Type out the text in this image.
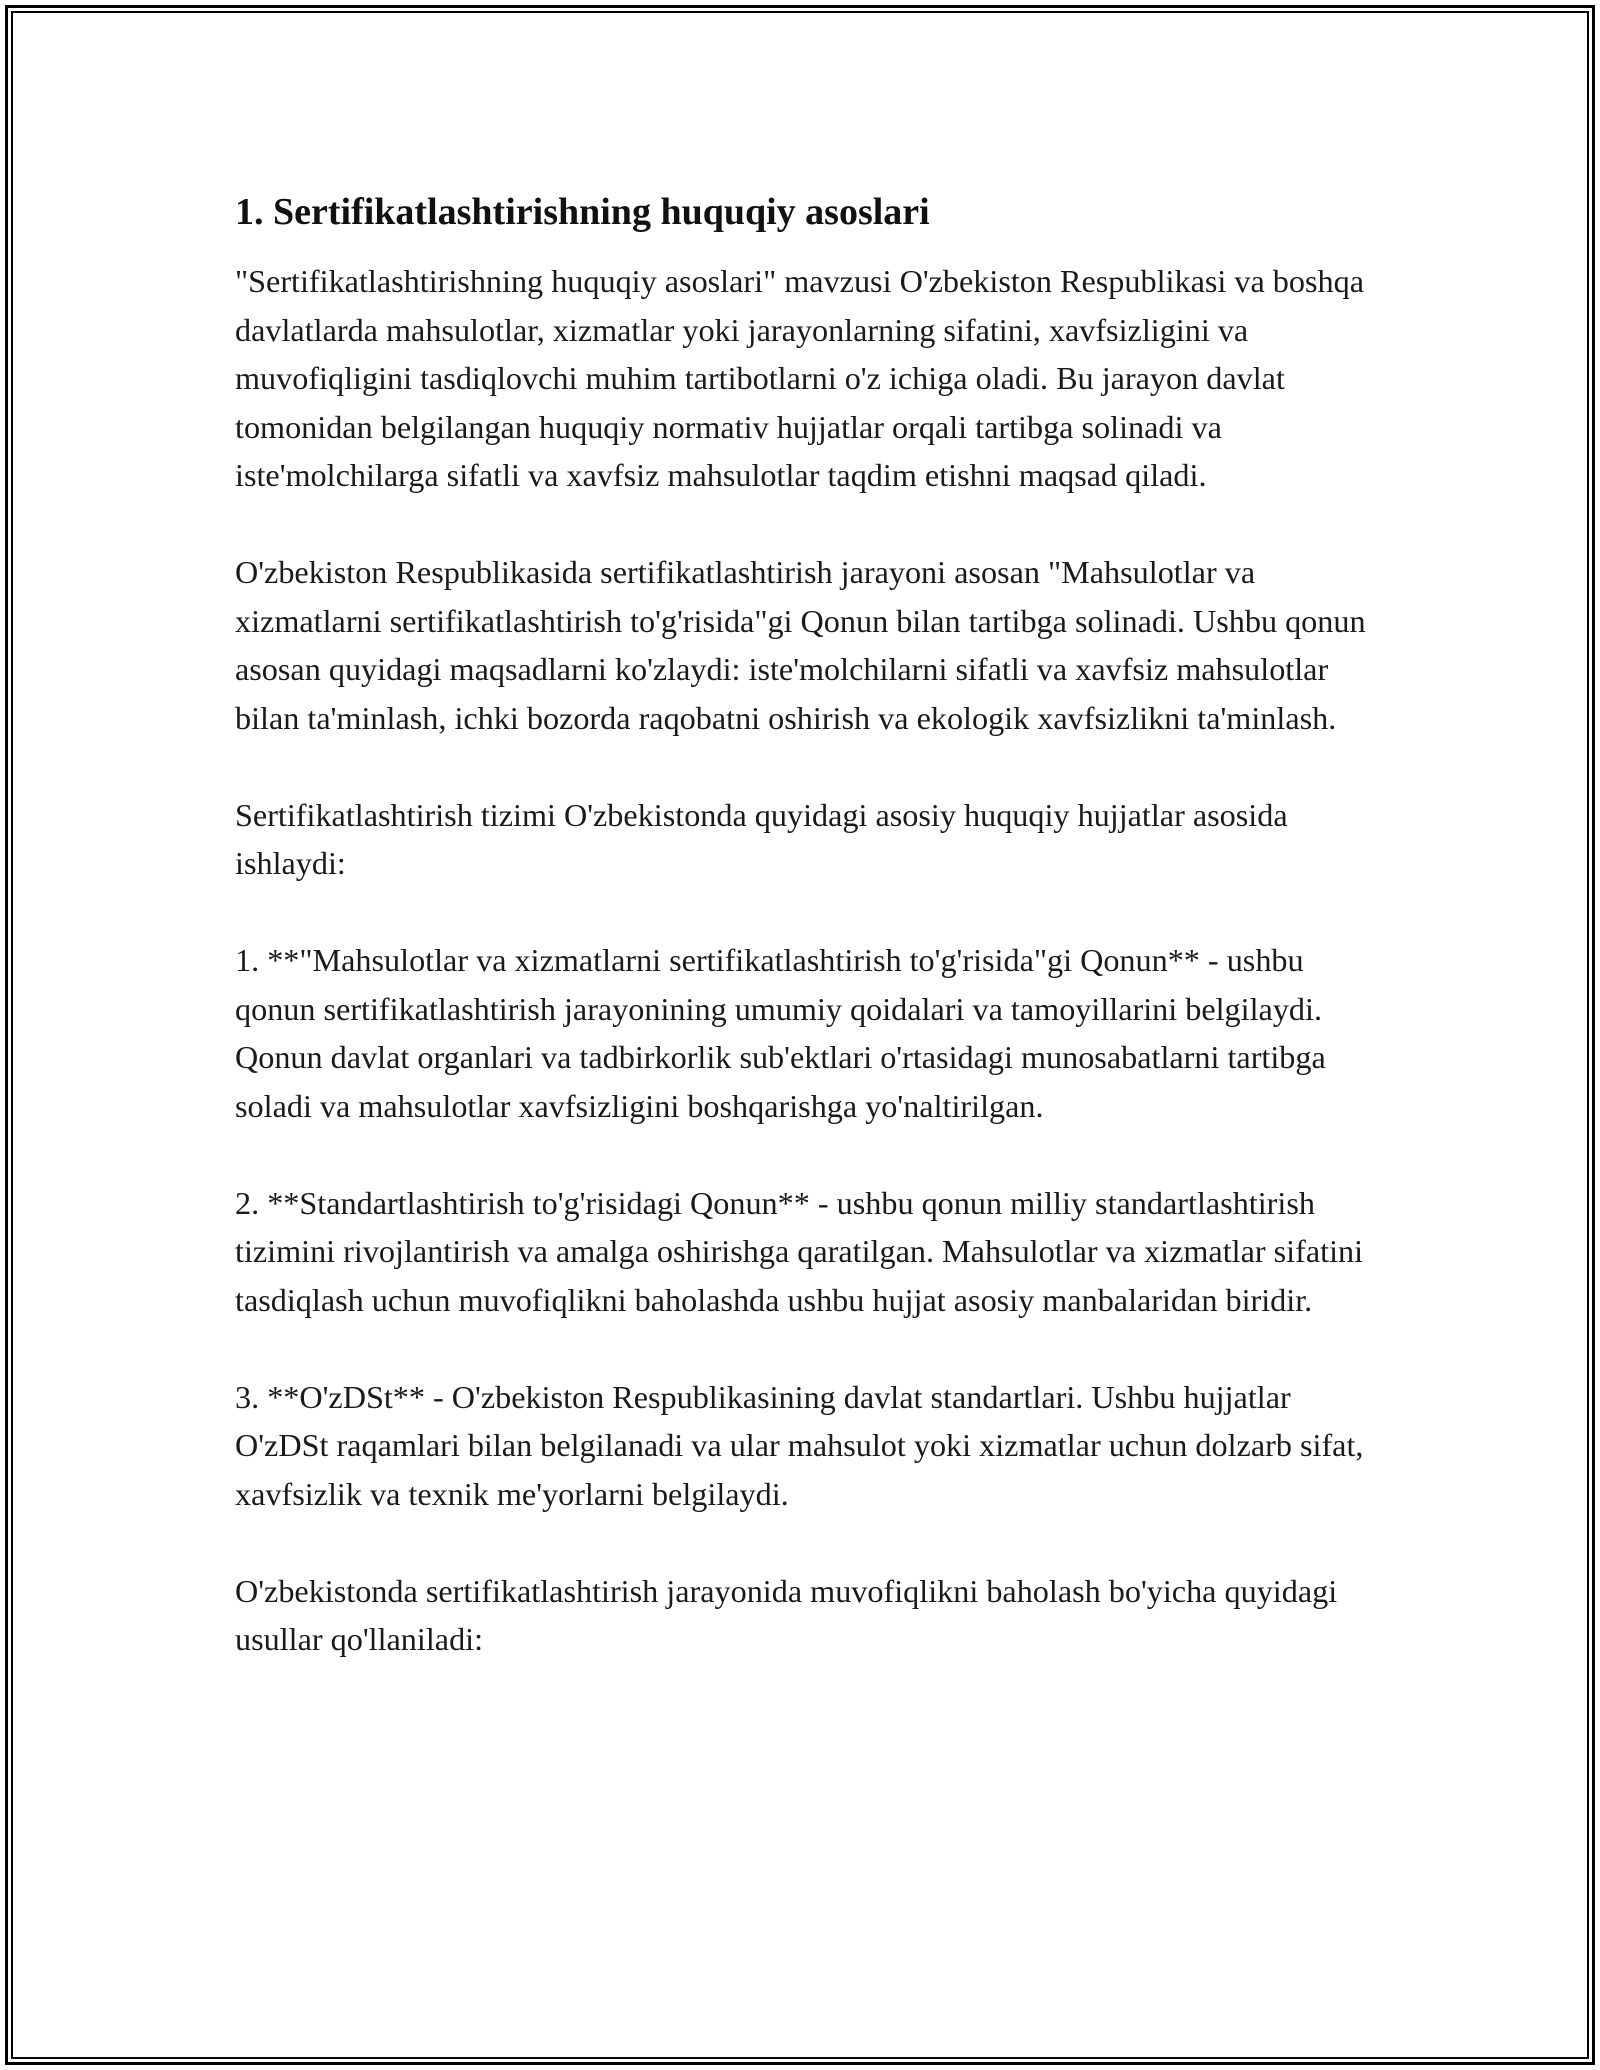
1. Sertifikatlashtirishning huquqiy asoslari

"Sertifikatlashtirishning huquqiy asoslari" mavzusi O'zbekiston Respublikasi va boshqa davlatlarda mahsulotlar, xizmatlar yoki jarayonlarning sifatini, xavfsizligini va muvofiqligini tasdiqlovchi muhim tartibotlarni o'z ichiga oladi. Bu jarayon davlat tomonidan belgilangan huquqiy normativ hujjatlar orqali tartibga solinadi va iste'molchilarga sifatli va xavfsiz mahsulotlar taqdim etishni maqsad qiladi.

O'zbekiston Respublikasida sertifikatlashtirish jarayoni asosan "Mahsulotlar va xizmatlarni sertifikatlashtirish to'g'risida"gi Qonun bilan tartibga solinadi. Ushbu qonun asosan quyidagi maqsadlarni ko'zlaydi: iste'molchilarni sifatli va xavfsiz mahsulotlar bilan ta'minlash, ichki bozorda raqobatni oshirish va ekologik xavfsizlikni ta'minlash.

Sertifikatlashtirish tizimi O'zbekistonda quyidagi asosiy huquqiy hujjatlar asosida ishlaydi:

1. **"Mahsulotlar va xizmatlarni sertifikatlashtirish to'g'risida"gi Qonun** - ushbu qonun sertifikatlashtirish jarayonining umumiy qoidalari va tamoyillarini belgilaydi. Qonun davlat organlari va tadbirkorlik sub'ektlari o'rtasidagi munosabatlarni tartibga soladi va mahsulotlar xavfsizligini boshqarishga yo'naltirilgan.

2. **Standartlashtirish to'g'risidagi Qonun** - ushbu qonun milliy standartlashtirish tizimini rivojlantirish va amalga oshirishga qaratilgan. Mahsulotlar va xizmatlar sifatini tasdiqlash uchun muvofiqlikni baholashda ushbu hujjat asosiy manbalaridan biridir.

3. **O'zDSt** - O'zbekiston Respublikasining davlat standartlari. Ushbu hujjatlar O'zDSt raqamlari bilan belgilanadi va ular mahsulot yoki xizmatlar uchun dolzarb sifat, xavfsizlik va texnik me'yorlarni belgilaydi.

O'zbekistonda sertifikatlashtirish jarayonida muvofiqlikni baholash bo'yicha quyidagi usullar qo'llaniladi:
